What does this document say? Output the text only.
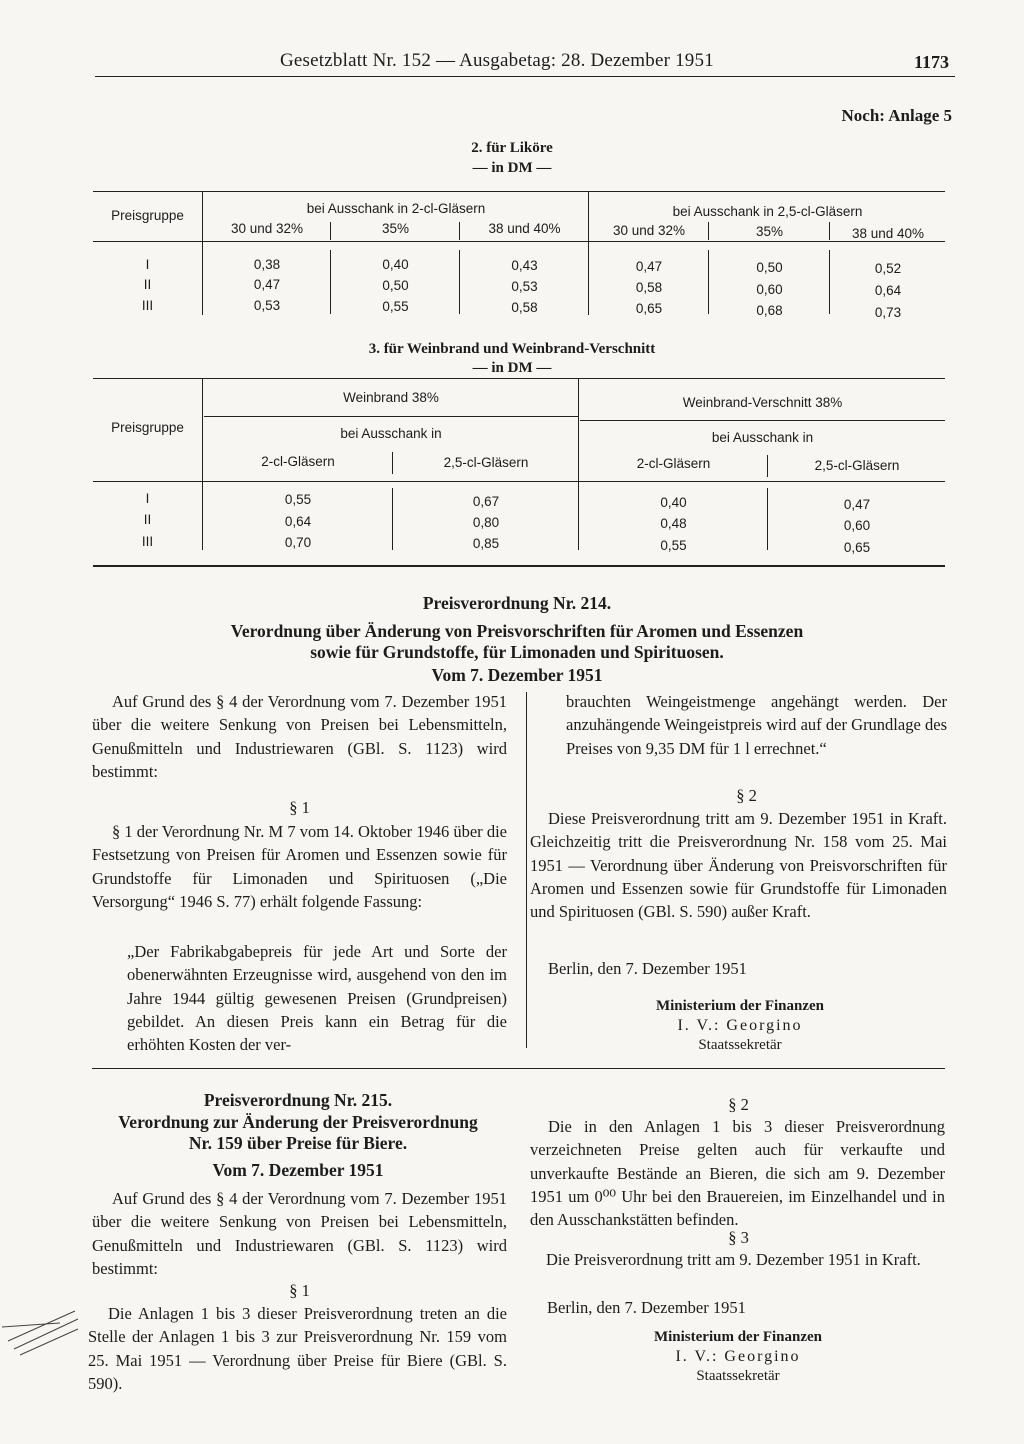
Gesetzblatt Nr. 152 — Ausgabetag: 28. Dezember 1951	1173
Noch: Anlage 5
2. für Liköre
— in DM —
Preisgruppe	bei Ausschank in 2-cl-Gläsern	bei Ausschank in 2,5-cl-Gläsern
30 und 32%	35%	38 und 40%	30 und 32%	35%	38 und 40%
I	0,38	0,40	0,43	0,47	0,50	0,52
II	0,47	0,50	0,53	0,58	0,60	0,64
III	0,53	0,55	0,58	0,65	0,68	0,73
3. für Weinbrand und Weinbrand-Verschnitt
— in DM —
Preisgruppe
Weinbrand 38%	Weinbrand-Verschnitt 38%
bei Ausschank in	bei Ausschank in
2-cl-Gläsern	2,5-cl-Gläsern	2-cl-Gläsern	2,5-cl-Gläsern
I	0,55	0,67	0,40	0,47
II	0,64	0,80	0,48	0,60
III	0,70	0,85	0,55	0,65
Preisverordnung Nr. 214.
Verordnung über Änderung von Preisvorschriften für Aromen und Essenzen
sowie für Grundstoffe, für Limonaden und Spirituosen.
Vom 7. Dezember 1951
Auf Grund des § 4 der Verordnung vom 7. Dezember 1951 über die weitere Senkung von Preisen bei Lebensmitteln, Genußmitteln und Industriewaren (GBl. S. 1123) wird bestimmt:
§ 1
§ 1 der Verordnung Nr. M 7 vom 14. Oktober 1946 über die Festsetzung von Preisen für Aromen und Essenzen sowie für Grundstoffe für Limonaden und Spirituosen („Die Versorgung“ 1946 S. 77) erhält folgende Fassung:
„Der Fabrikabgabepreis für jede Art und Sorte der obenerwähnten Erzeugnisse wird, ausgehend von den im Jahre 1944 gültig gewesenen Preisen (Grundpreisen) gebildet. An diesen Preis kann ein Betrag für die erhöhten Kosten der ver-
brauchten Weingeistmenge angehängt werden. Der anzuhängende Weingeistpreis wird auf der Grundlage des Preises von 9,35 DM für 1 l errechnet.“
§ 2
Diese Preisverordnung tritt am 9. Dezember 1951 in Kraft. Gleichzeitig tritt die Preisverordnung Nr. 158 vom 25. Mai 1951 — Verordnung über Änderung von Preisvorschriften für Aromen und Essenzen sowie für Grundstoffe für Limonaden und Spirituosen (GBl. S. 590) außer Kraft.
Berlin, den 7. Dezember 1951
Ministerium der Finanzen
I. V.: Georgino
Staatssekretär
Preisverordnung Nr. 215.
Verordnung zur Änderung der Preisverordnung
Nr. 159 über Preise für Biere.
Vom 7. Dezember 1951
Auf Grund des § 4 der Verordnung vom 7. Dezember 1951 über die weitere Senkung von Preisen bei Lebensmitteln, Genußmitteln und Industriewaren (GBl. S. 1123) wird bestimmt:
§ 1
Die Anlagen 1 bis 3 dieser Preisverordnung treten an die Stelle der Anlagen 1 bis 3 zur Preisverordnung Nr. 159 vom 25. Mai 1951 — Verordnung über Preise für Biere (GBl. S. 590).
§ 2
Die in den Anlagen 1 bis 3 dieser Preisverordnung verzeichneten Preise gelten auch für verkaufte und unverkaufte Bestände an Bieren, die sich am 9. Dezember 1951 um 0⁰⁰ Uhr bei den Brauereien, im Einzelhandel und in den Ausschankstätten befinden.
§ 3
Die Preisverordnung tritt am 9. Dezember 1951 in Kraft.
Berlin, den 7. Dezember 1951
Ministerium der Finanzen
I. V.: Georgino
Staatssekretär
